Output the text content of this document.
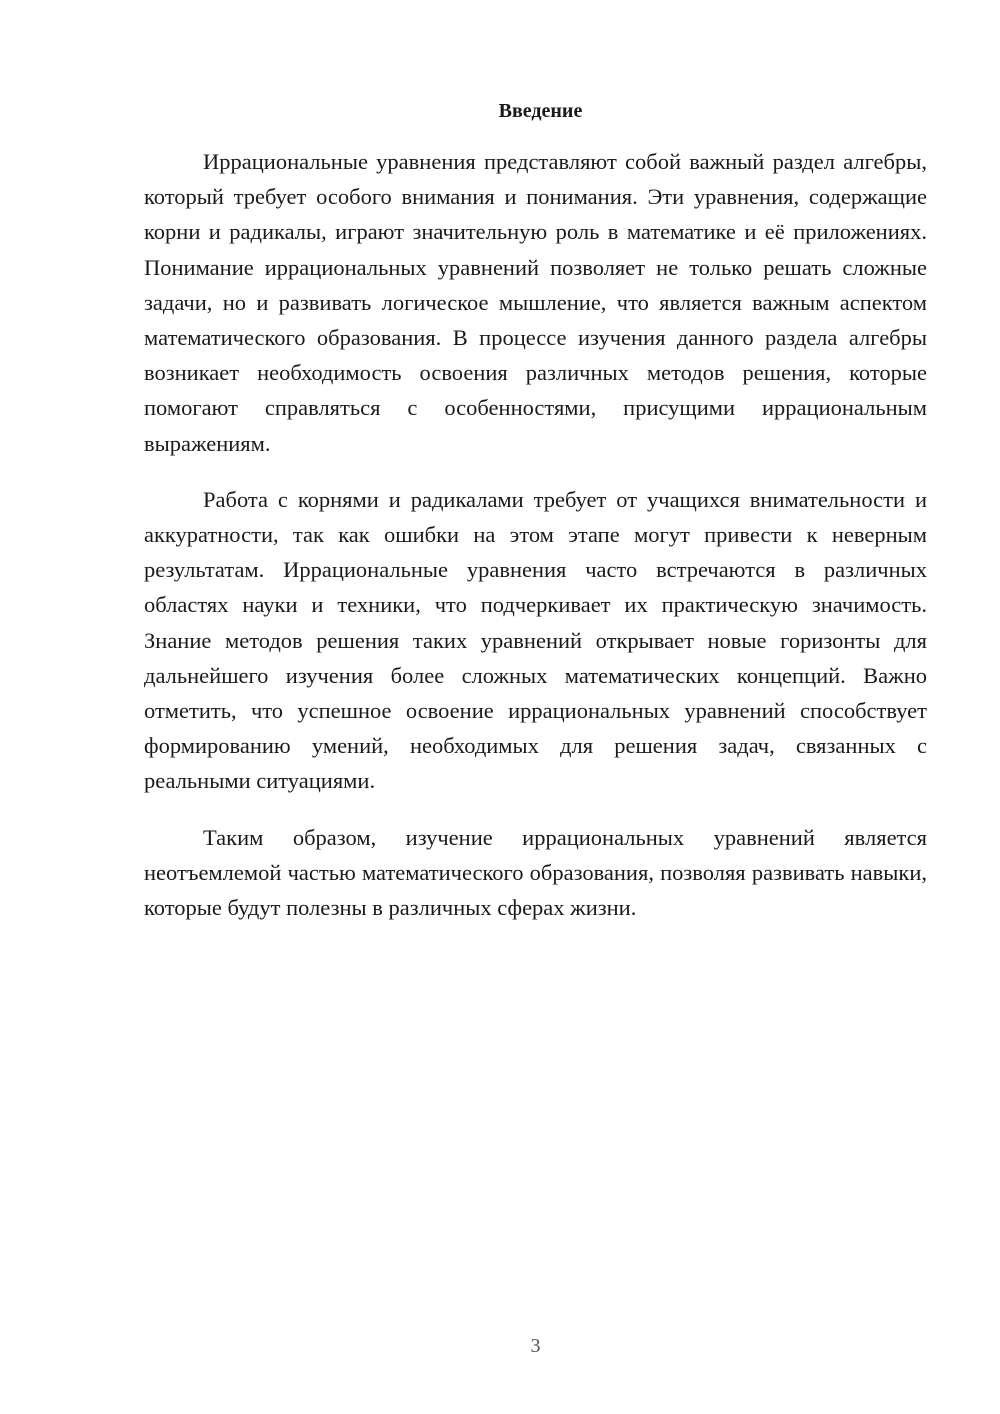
Введение

Иррациональные уравнения представляют собой важный раздел алгебры, который требует особого внимания и понимания. Эти уравнения, содержащие корни и радикалы, играют значительную роль в математике и её приложениях. Понимание иррациональных уравнений позволяет не только решать сложные задачи, но и развивать логическое мышление, что является важным аспектом математического образования. В процессе изучения данного раздела алгебры возникает необходимость освоения различных методов решения, которые помогают справляться с особенностями, присущими иррациональным выражениям.

Работа с корнями и радикалами требует от учащихся внимательности и аккуратности, так как ошибки на этом этапе могут привести к неверным результатам. Иррациональные уравнения часто встречаются в различных областях науки и техники, что подчеркивает их практическую значимость. Знание методов решения таких уравнений открывает новые горизонты для дальнейшего изучения более сложных математических концепций. Важно отметить, что успешное освоение иррациональных уравнений способствует формированию умений, необходимых для решения задач, связанных с реальными ситуациями.

Таким образом, изучение иррациональных уравнений является неотъемлемой частью математического образования, позволяя развивать навыки, которые будут полезны в различных сферах жизни.

3
